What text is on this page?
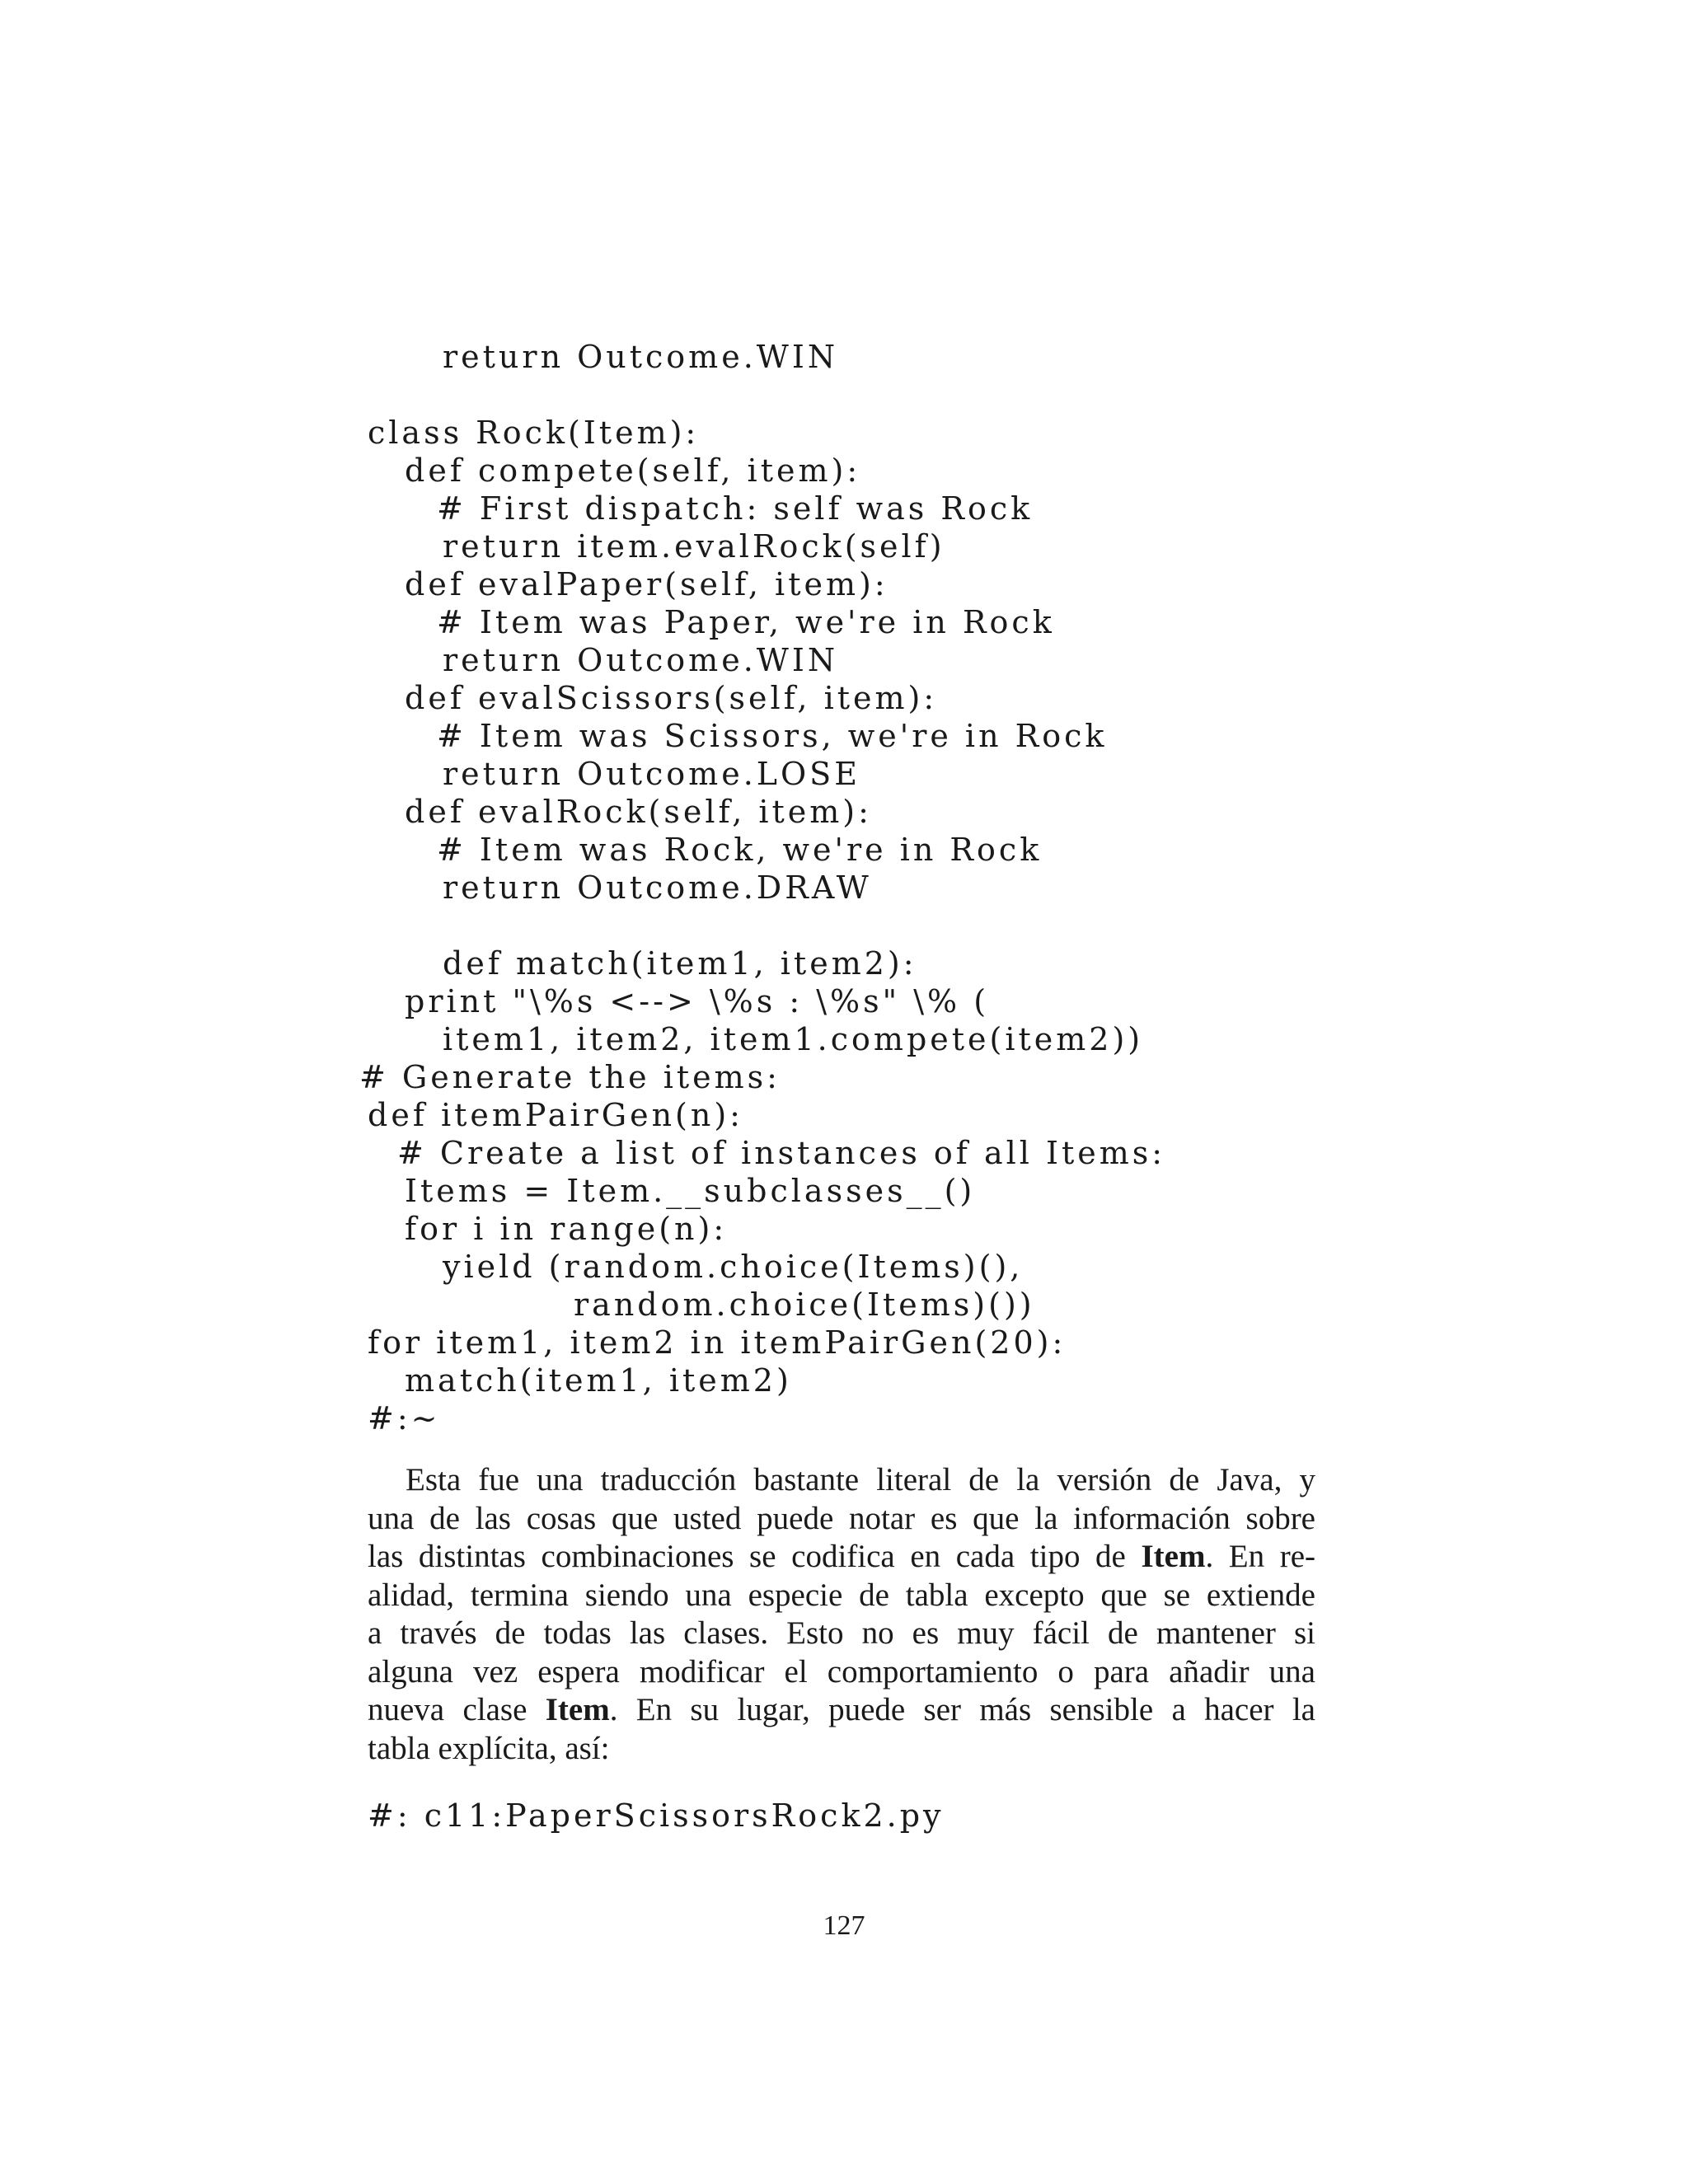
return Outcome.WIN
class Rock(Item):
def compete(self, item):
# First dispatch: self was Rock
return item.evalRock(self)
def evalPaper(self, item):
# Item was Paper, we're in Rock
return Outcome.WIN
def evalScissors(self, item):
# Item was Scissors, we're in Rock
return Outcome.LOSE
def evalRock(self, item):
# Item was Rock, we're in Rock
return Outcome.DRAW
def match(item1, item2):
print "\%s <--> \%s : \%s" \% (
item1, item2, item1.compete(item2))
# Generate the items:
def itemPairGen(n):
# Create a list of instances of all Items:
Items = Item.__subclasses__()
for i in range(n):
yield (random.choice(Items)(),
random.choice(Items)())
for item1, item2 in itemPairGen(20):
match(item1, item2)
#:~
Esta fue una traducción bastante literal de la versión de Java, y
una de las cosas que usted puede notar es que la información sobre
las distintas combinaciones se codifica en cada tipo de Item. En re-
alidad, termina siendo una especie de tabla excepto que se extiende
a través de todas las clases. Esto no es muy fácil de mantener si
alguna vez espera modificar el comportamiento o para añadir una
nueva clase Item. En su lugar, puede ser más sensible a hacer la
tabla explícita, así:
#: c11:PaperScissorsRock2.py
127
